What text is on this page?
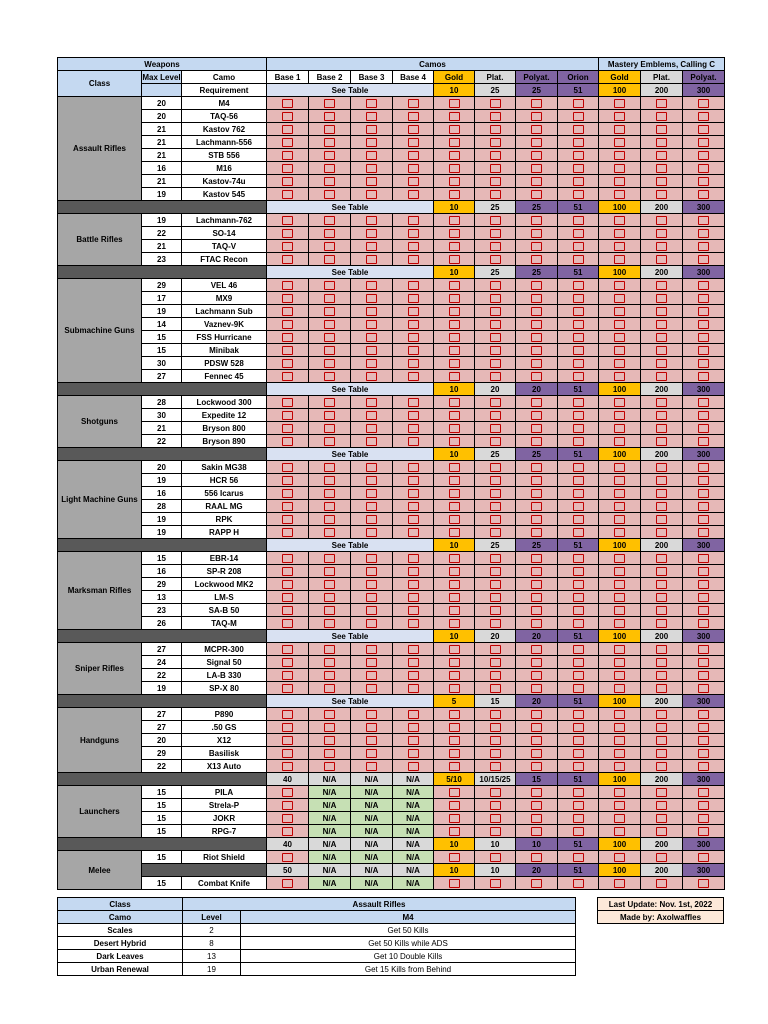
Weapons			Camos								Mastery Emblems, Calling C		
Class	Max Level	Camo	Base 1	Base 2	Base 3	Base 4	Gold	Plat.	Polyat.	Orion	Gold	Plat.	Polyat.
		Requirement	See Table				10	25	25	51	100	200	300
Assault Rifles	20	M4											
	20	TAQ-56											
	21	Kastov 762											
	21	Lachmann-556											
	21	STB 556											
	16	M16											
	21	Kastov-74u											
	19	Kastov 545											
			See Table				10	25	25	51	100	200	300
Battle Rifles	19	Lachmann-762											
	22	SO-14											
	21	TAQ-V											
	23	FTAC Recon											
			See Table				10	25	25	51	100	200	300
Submachine Guns	29	VEL 46											
	17	MX9											
	19	Lachmann Sub											
	14	Vaznev-9K											
	15	FSS Hurricane											
	15	Minibak											
	30	PDSW 528											
	27	Fennec 45											
			See Table				10	20	20	51	100	200	300
Shotguns	28	Lockwood 300											
	30	Expedite 12											
	21	Bryson 800											
	22	Bryson 890											
			See Table				10	25	25	51	100	200	300
Light Machine Guns	20	Sakin MG38											
	19	HCR 56											
	16	556 Icarus											
	28	RAAL MG											
	19	RPK											
	19	RAPP H											
			See Table				10	25	25	51	100	200	300
Marksman Rifles	15	EBR-14											
	16	SP-R 208											
	29	Lockwood MK2											
	13	LM-S											
	23	SA-B 50											
	26	TAQ-M											
			See Table				10	20	20	51	100	200	300
Sniper Rifles	27	MCPR-300											
	24	Signal 50											
	22	LA-B 330											
	19	SP-X 80											
			See Table				5	15	20	51	100	200	300
Handguns	27	P890											
	27	.50 GS											
	20	X12											
	29	Basilisk											
	22	X13 Auto											
			40	N/A	N/A	N/A	5/10	10/15/25	15	51	100	200	300
Launchers	15	PILA		N/A	N/A	N/A							
	15	Strela-P		N/A	N/A	N/A							
	15	JOKR		N/A	N/A	N/A							
	15	RPG-7		N/A	N/A	N/A							
			40	N/A	N/A	N/A	10	10	10	51	100	200	300
Melee	15	Riot Shield		N/A	N/A	N/A							
			50	N/A	N/A	N/A	10	10	20	51	100	200	300
	15	Combat Knife		N/A	N/A	N/A							
Class	Assault Rifles	
Camo	Level	M4
Scales	2	Get 50 Kills
Desert Hybrid	8	Get 50 Kills while ADS
Dark Leaves	13	Get 10 Double Kills
Urban Renewal	19	Get 15 Kills from Behind
Last Update: Nov. 1st, 2022
Made by: Axolwaffles
